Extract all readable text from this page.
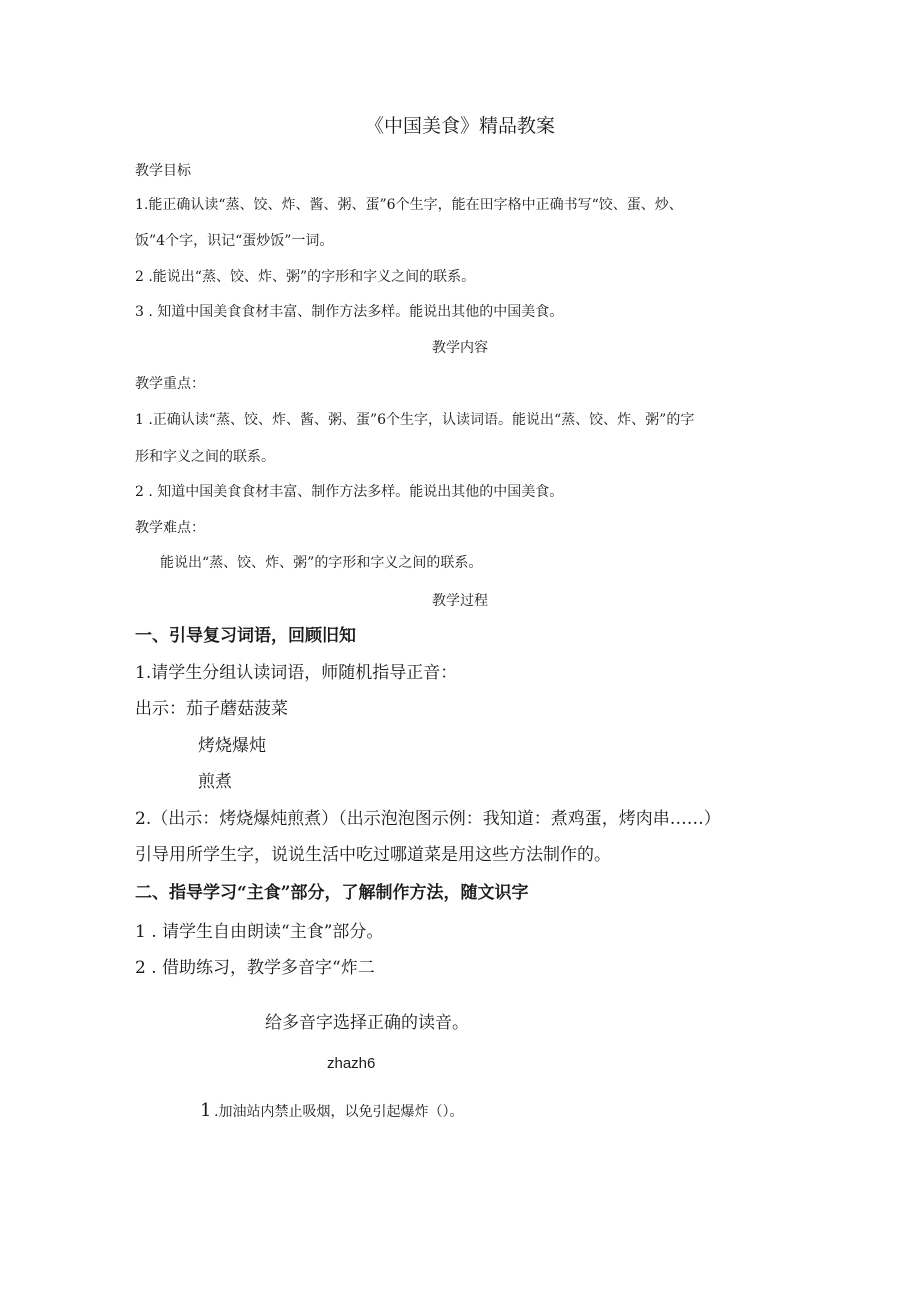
《中国美食》精品教案
教学目标
1.能正确认读“蒸、饺、炸、酱、粥、蛋”6个生字，能在田字格中正确书写“饺、蛋、炒、
饭”4个字，识记“蛋炒饭”一词。
2 .能说出“蒸、饺、炸、粥”的字形和字义之间的联系。
3 . 知道中国美食食材丰富、制作方法多样。能说出其他的中国美食。
教学内容
教学重点：
1 .正确认读“蒸、饺、炸、酱、粥、蛋”6个生字，认读词语。能说出“蒸、饺、炸、粥”的字
形和字义之间的联系。
2 . 知道中国美食食材丰富、制作方法多样。能说出其他的中国美食。
教学难点：
能说出“蒸、饺、炸、粥”的字形和字义之间的联系。
教学过程
一、引导复习词语，回顾旧知
1.请学生分组认读词语，师随机指导正音：
出示：茄子蘑菇菠菜
烤烧爆炖
煎煮
2.（出示：烤烧爆炖煎煮）（出示泡泡图示例：我知道：煮鸡蛋，烤肉串……）
引导用所学生字，说说生活中吃过哪道菜是用这些方法制作的。
二、指导学习“主食”部分，了解制作方法，随文识字
1 . 请学生自由朗读“主食”部分。
2 . 借助练习，教学多音字“炸二
给多音字选择正确的读音。
zhazh6
1 .加油站内禁止吸烟，以免引起爆炸（）。
